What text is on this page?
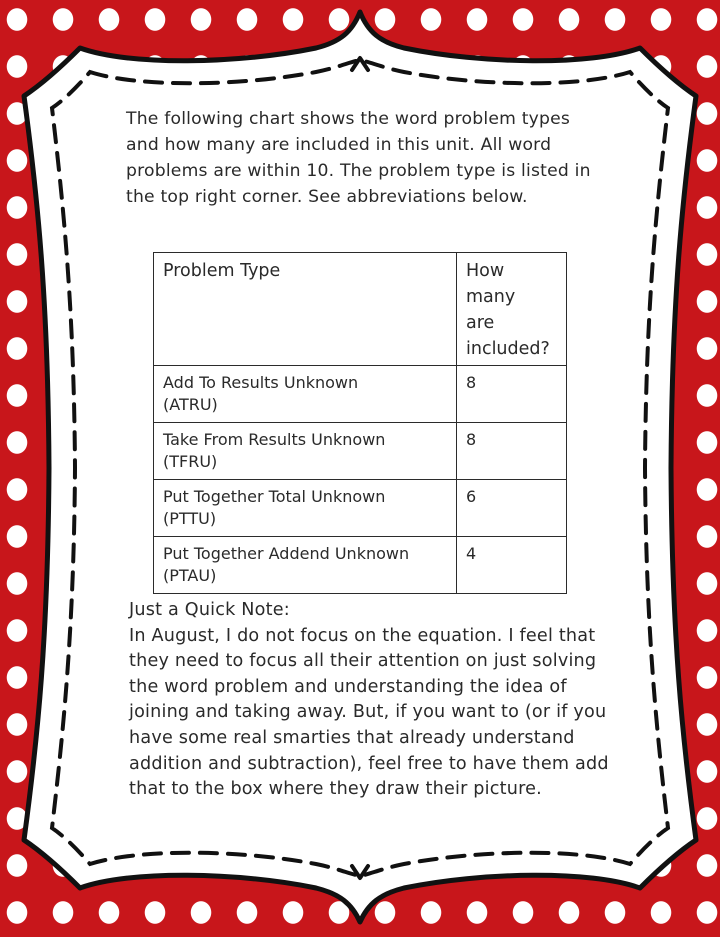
The following chart shows the word problem types and how many are included in this unit. All word problems are within 10. The problem type is listed in the top right corner. See abbreviations below.

Problem Type	How many
are
included?

Add To Results Unknown
(ATRU)	8
Take From Results Unknown
(TFRU)	8
Put Together Total Unknown
(PTTU)	6
Put Together Addend Unknown
(PTAU)	4

Just a Quick Note:
In August, I do not focus on the equation. I feel that they need to focus all their attention on just solving the word problem and understanding the idea of joining and taking away. But, if you want to (or if you have some real smarties that already understand addition and subtraction), feel free to have them add that to the box where they draw their picture.
